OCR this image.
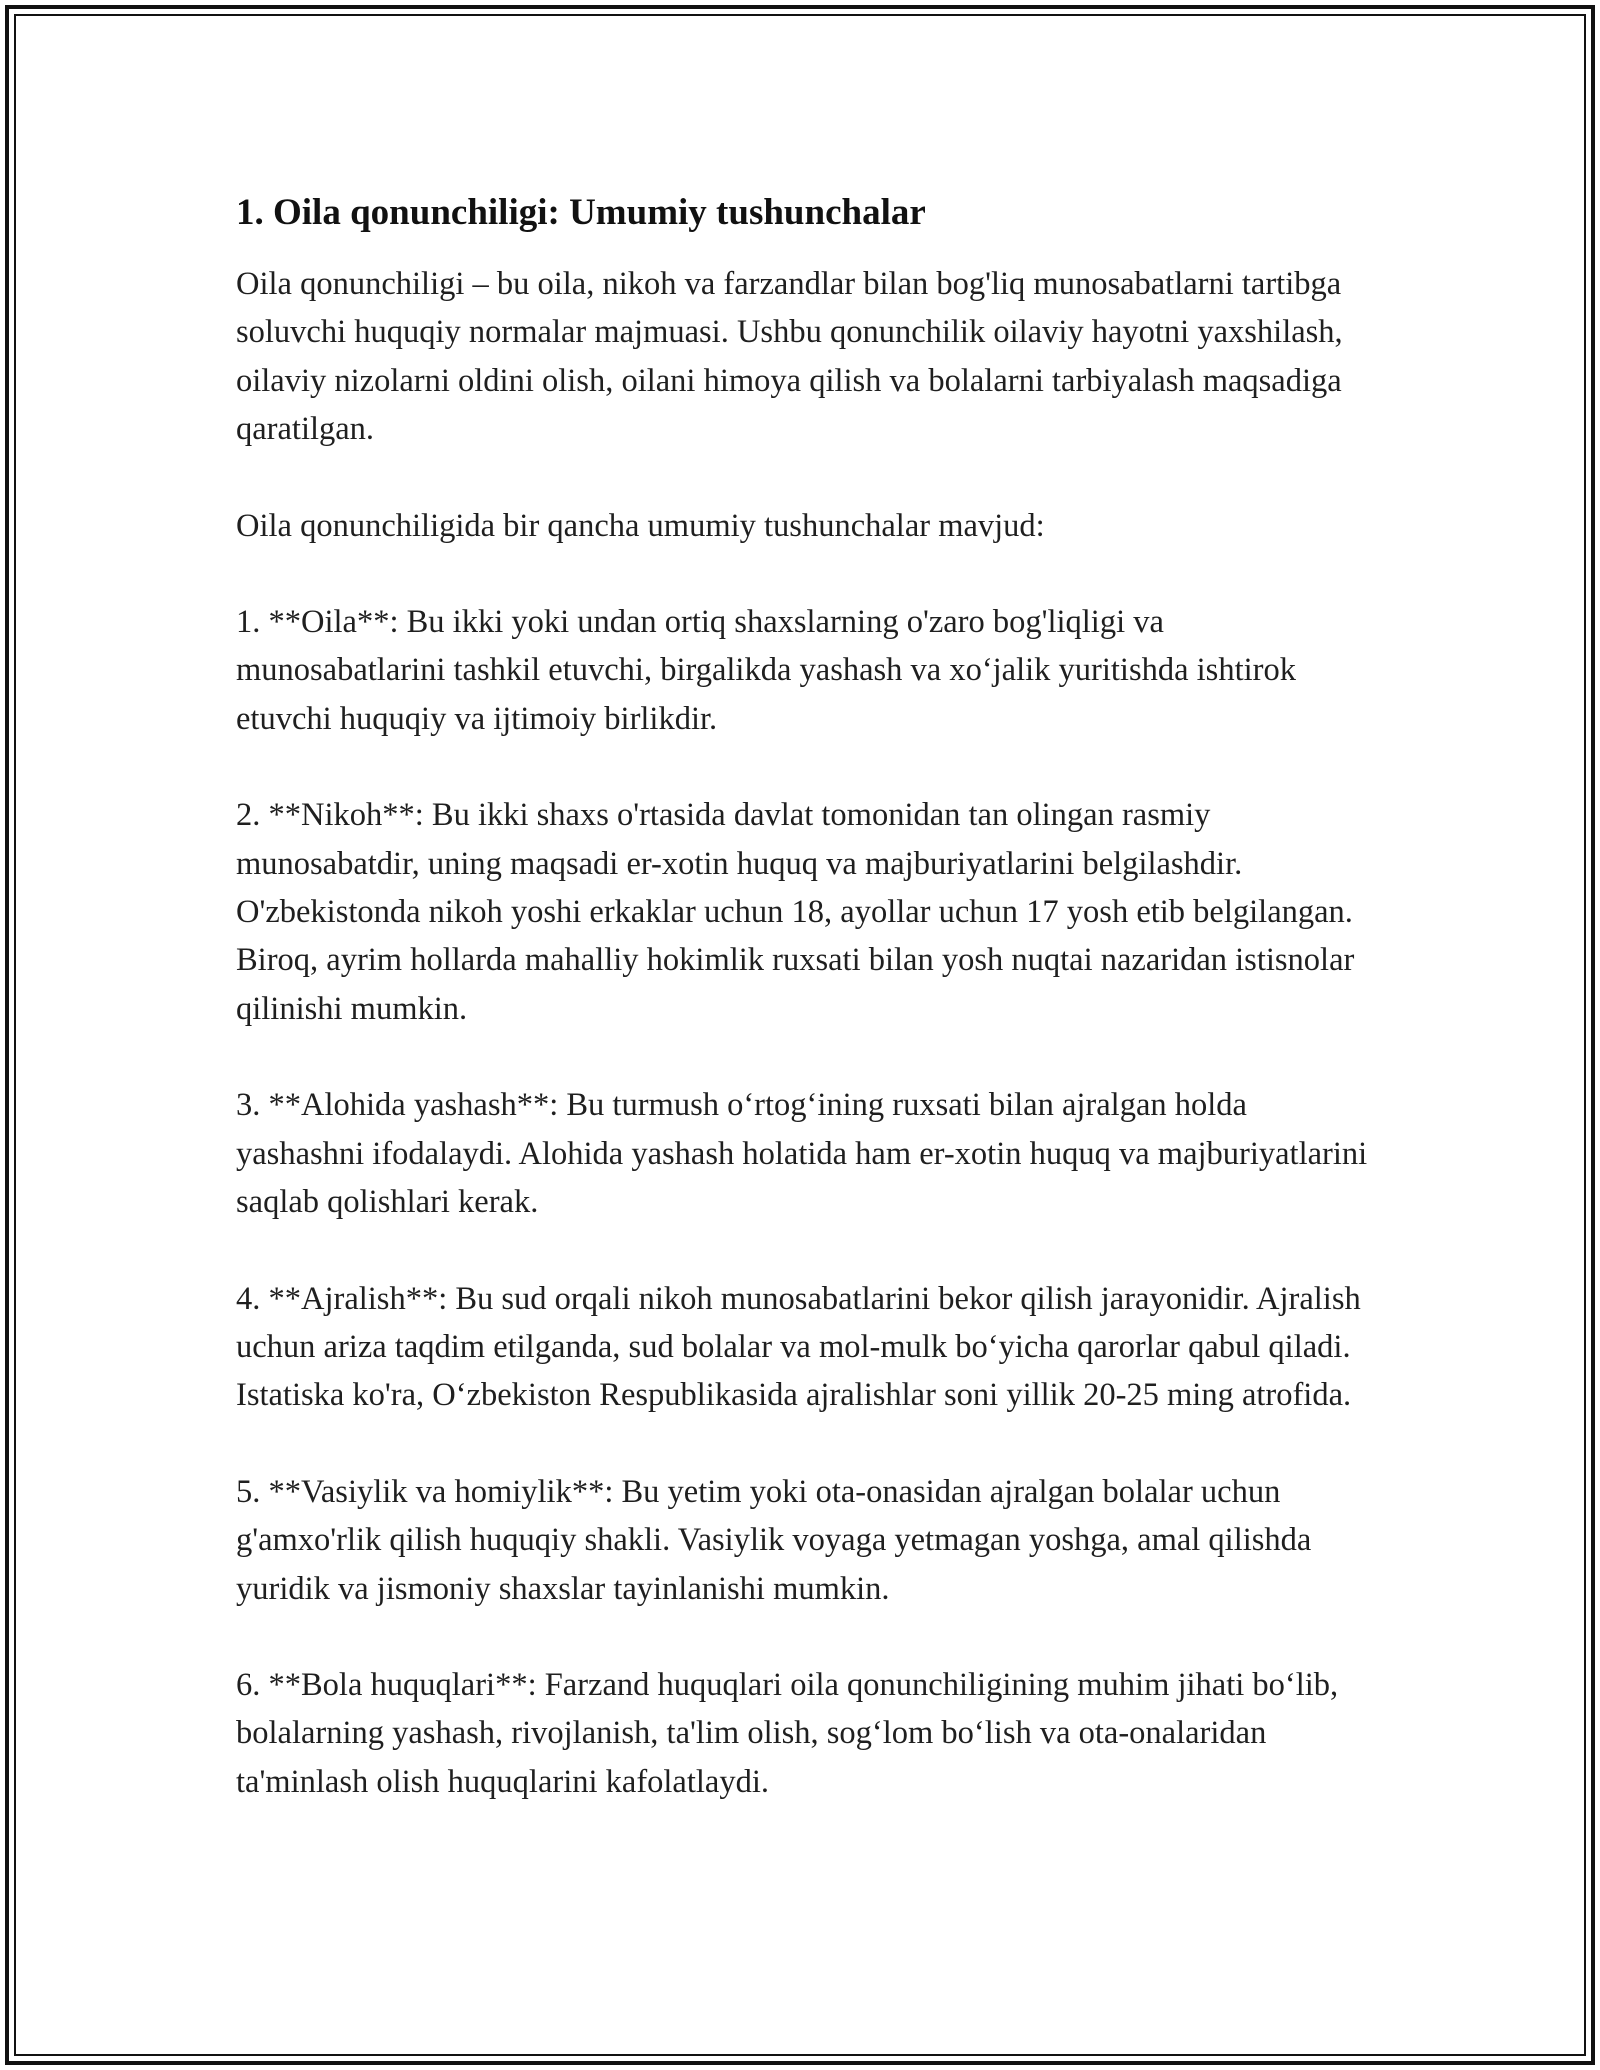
1. Oila qonunchiligi: Umumiy tushunchalar

Oila qonunchiligi – bu oila, nikoh va farzandlar bilan bog'liq munosabatlarni tartibga soluvchi huquqiy normalar majmuasi. Ushbu qonunchilik oilaviy hayotni yaxshilash, oilaviy nizolarni oldini olish, oilani himoya qilish va bolalarni tarbiyalash maqsadiga qaratilgan.

Oila qonunchiligida bir qancha umumiy tushunchalar mavjud:

1. **Oila**: Bu ikki yoki undan ortiq shaxslarning o'zaro bog'liqligi va munosabatlarini tashkil etuvchi, birgalikda yashash va xo‘jalik yuritishda ishtirok etuvchi huquqiy va ijtimoiy birlikdir.

2. **Nikoh**: Bu ikki shaxs o'rtasida davlat tomonidan tan olingan rasmiy munosabatdir, uning maqsadi er-xotin huquq va majburiyatlarini belgilashdir. O'zbekistonda nikoh yoshi erkaklar uchun 18, ayollar uchun 17 yosh etib belgilangan. Biroq, ayrim hollarda mahalliy hokimlik ruxsati bilan yosh nuqtai nazaridan istisnolar qilinishi mumkin.

3. **Alohida yashash**: Bu turmush o‘rtog‘ining ruxsati bilan ajralgan holda yashashni ifodalaydi. Alohida yashash holatida ham er-xotin huquq va majburiyatlarini saqlab qolishlari kerak.

4. **Ajralish**: Bu sud orqali nikoh munosabatlarini bekor qilish jarayonidir. Ajralish uchun ariza taqdim etilganda, sud bolalar va mol-mulk bo‘yicha qarorlar qabul qiladi. Istatiska ko'ra, O‘zbekiston Respublikasida ajralishlar soni yillik 20-25 ming atrofida.

5. **Vasiylik va homiylik**: Bu yetim yoki ota-onasidan ajralgan bolalar uchun g'amxo'rlik qilish huquqiy shakli. Vasiylik voyaga yetmagan yoshga, amal qilishda yuridik va jismoniy shaxslar tayinlanishi mumkin.

6. **Bola huquqlari**: Farzand huquqlari oila qonunchiligining muhim jihati bo‘lib, bolalarning yashash, rivojlanish, ta'lim olish, sog‘lom bo‘lish va ota-onalaridan ta'minlash olish huquqlarini kafolatlaydi.
